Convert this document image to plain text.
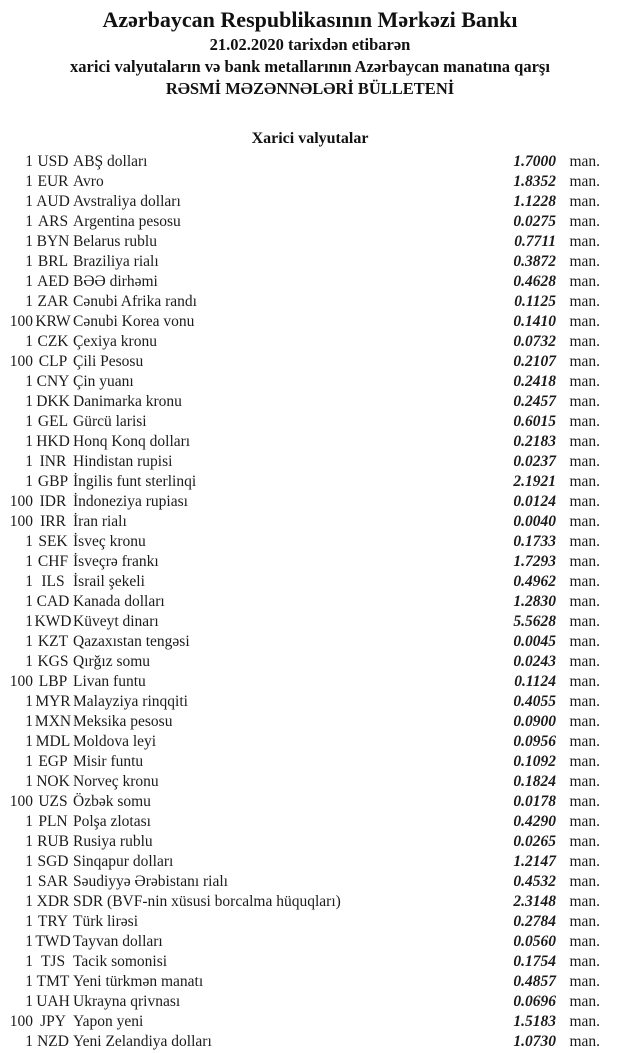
Azərbaycan Respublikasının Mərkəzi Bankı

21.02.2020 tarixdən etibarən

xarici valyutaların və bank metallarının Azərbaycan manatına qarşı

RƏSMİ MƏZƏNNƏLƏRİ BÜLLETENİ

Xarici valyutalar
1 USD ABŞ dolları	1.7000 man.
1 EUR Avro	1.8352 man.
1 AUD Avstraliya dolları	1.1228 man.
1 ARS Argentina pesosu	0.0275 man.
1 BYN Belarus rublu	0.7711 man.
1 BRL Braziliya rialı	0.3872 man.
1 AED BƏƏ dirhəmi	0.4628 man.
1 ZAR Cənubi Afrika randı	0.1125 man.
100 KRW Cənubi Korea vonu	0.1410 man.
1 CZK Çexiya kronu	0.0732 man.
100 CLP Çili Pesosu	0.2107 man.
1 CNY Çin yuanı	0.2418 man.
1 DKK Danimarka kronu	0.2457 man.
1 GEL Gürcü larisi	0.6015 man.
1 HKD Honq Konq dolları	0.2183 man.
1 INR Hindistan rupisi	0.0237 man.
1 GBP İngilis funt sterlinqi	2.1921 man.
100 IDR İndoneziya rupiası	0.0124 man.
100 IRR İran rialı	0.0040 man.
1 SEK İsveç kronu	0.1733 man.
1 CHF İsveçrə frankı	1.7293 man.
1 ILS İsrail şekeli	0.4962 man.
1 CAD Kanada dolları	1.2830 man.
1 KWD Küveyt dinarı	5.5628 man.
1 KZT Qazaxıstan tengəsi	0.0045 man.
1 KGS Qırğız somu	0.0243 man.
100 LBP Livan funtu	0.1124 man.
1 MYR Malayziya rinqqiti	0.4055 man.
1 MXN Meksika pesosu	0.0900 man.
1 MDL Moldova leyi	0.0956 man.
1 EGP Misir funtu	0.1092 man.
1 NOK Norveç kronu	0.1824 man.
100 UZS Özbək somu	0.0178 man.
1 PLN Polşa zlotası	0.4290 man.
1 RUB Rusiya rublu	0.0265 man.
1 SGD Sinqapur dolları	1.2147 man.
1 SAR Səudiyyə Ərəbistanı rialı	0.4532 man.
1 XDR SDR (BVF-nin xüsusi borcalma hüquqları)	2.3148 man.
1 TRY Türk lirəsi	0.2784 man.
1 TWD Tayvan dolları	0.0560 man.
1 TJS Tacik somonisi	0.1754 man.
1 TMT Yeni türkmən manatı	0.4857 man.
1 UAH Ukrayna qrivnası	0.0696 man.
100 JPY Yapon yeni	1.5183 man.
1 NZD Yeni Zelandiya dolları	1.0730 man.
